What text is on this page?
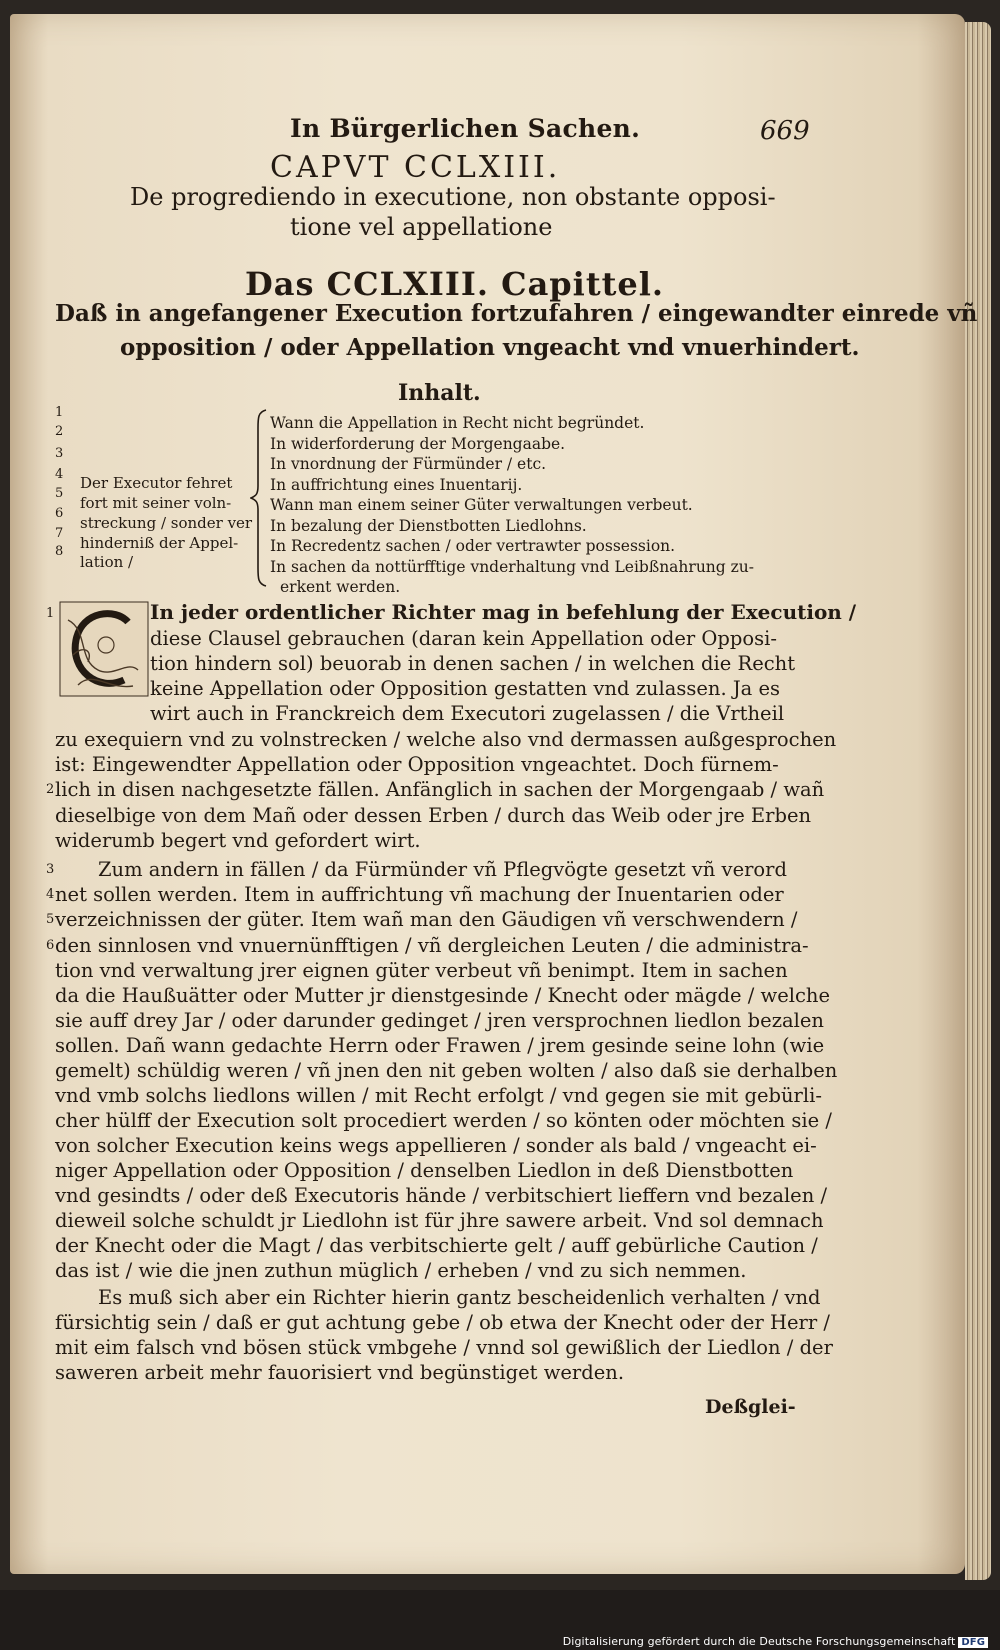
In Bürgerlichen Sachen.	669
CAPVT CCLXIII.
De progrediendo in executione, non obstante opposi-
tione vel appellatione
Das CCLXIII. Capittel.
Daß in angefangener Execution fortzufahren / eingewandter einrede vñ
opposition / oder Appellation vngeacht vnd vnuerhindert.
Inhalt.
1
2
3
4
5
6
7
8
Der Executor fehret
fort mit seiner voln-
streckung / sonder ver
hinderniß der Appel-
lation /
Wann die Appellation in Recht nicht begründet.
In widerforderung der Morgengaabe.
In vnordnung der Fürmünder / etc.
In auffrichtung eines Inuentarij.
Wann man einem seiner Güter verwaltungen verbeut.
In bezalung der Dienstbotten Liedlohns.
In Recredentz sachen / oder vertrawter possession.
In sachen da nottürfftige vnderhaltung vnd Leibßnahrung zu-
erkent werden.
1	In jeder ordentlicher Richter mag in befehlung der Execution /
diese Clausel gebrauchen (daran kein Appellation oder Opposi-
tion hindern sol) beuorab in denen sachen / in welchen die Recht
keine Appellation oder Opposition gestatten vnd zulassen. Ja es
wirt auch in Franckreich dem Executori zugelassen / die Vrtheil
zu exequiern vnd zu volnstrecken / welche also vnd dermassen außgesprochen
ist: Eingewendter Appellation oder Opposition vngeachtet. Doch fürnem-
2 lich in disen nachgesetzte fällen. Anfänglich in sachen der Morgengaab / wañ
dieselbige von dem Mañ oder dessen Erben / durch das Weib oder jre Erben
widerumb begert vnd gefordert wirt.
3 Zum andern in fällen / da Fürmünder vñ Pflegvögte gesetzt vñ verord
4 net sollen werden. Item in auffrichtung vñ machung der Inuentarien oder
5 verzeichnissen der güter. Item wañ man den Gäudigen vñ verschwendern /
6 den sinnlosen vnd vnuernünfftigen / vñ dergleichen Leuten / die administra-
tion vnd verwaltung jrer eignen güter verbeut vñ benimpt. Item in sachen
da die Haußuätter oder Mutter jr dienstgesinde / Knecht oder mägde / welche
sie auff drey Jar / oder darunder gedinget / jren versprochnen liedlon bezalen
sollen. Dañ wann gedachte Herrn oder Frawen / jrem gesinde seine lohn (wie
gemelt) schüldig weren / vñ jnen den nit geben wolten / also daß sie derhalben
vnd vmb solchs liedlons willen / mit Recht erfolgt / vnd gegen sie mit gebürli-
cher hülff der Execution solt procediert werden / so könten oder möchten sie /
von solcher Execution keins wegs appellieren / sonder als bald / vngeacht ei-
niger Appellation oder Opposition / denselben Liedlon in deß Dienstbotten
vnd gesindts / oder deß Executoris hände / verbitschiert lieffern vnd bezalen /
dieweil solche schuldt jr Liedlohn ist für jhre sawere arbeit. Vnd sol demnach
der Knecht oder die Magt / das verbitschierte gelt / auff gebürliche Caution /
das ist / wie die jnen zuthun müglich / erheben / vnd zu sich nemmen.
Es muß sich aber ein Richter hierin gantz bescheidenlich verhalten / vnd
fürsichtig sein / daß er gut achtung gebe / ob etwa der Knecht oder der Herr /
mit eim falsch vnd bösen stück vmbgehe / vnnd sol gewißlich der Liedlon / der
saweren arbeit mehr fauorisiert vnd begünstiget werden.
Deßglei-
Digitalisierung gefördert durch die Deutsche Forschungsgemeinschaft DFG
